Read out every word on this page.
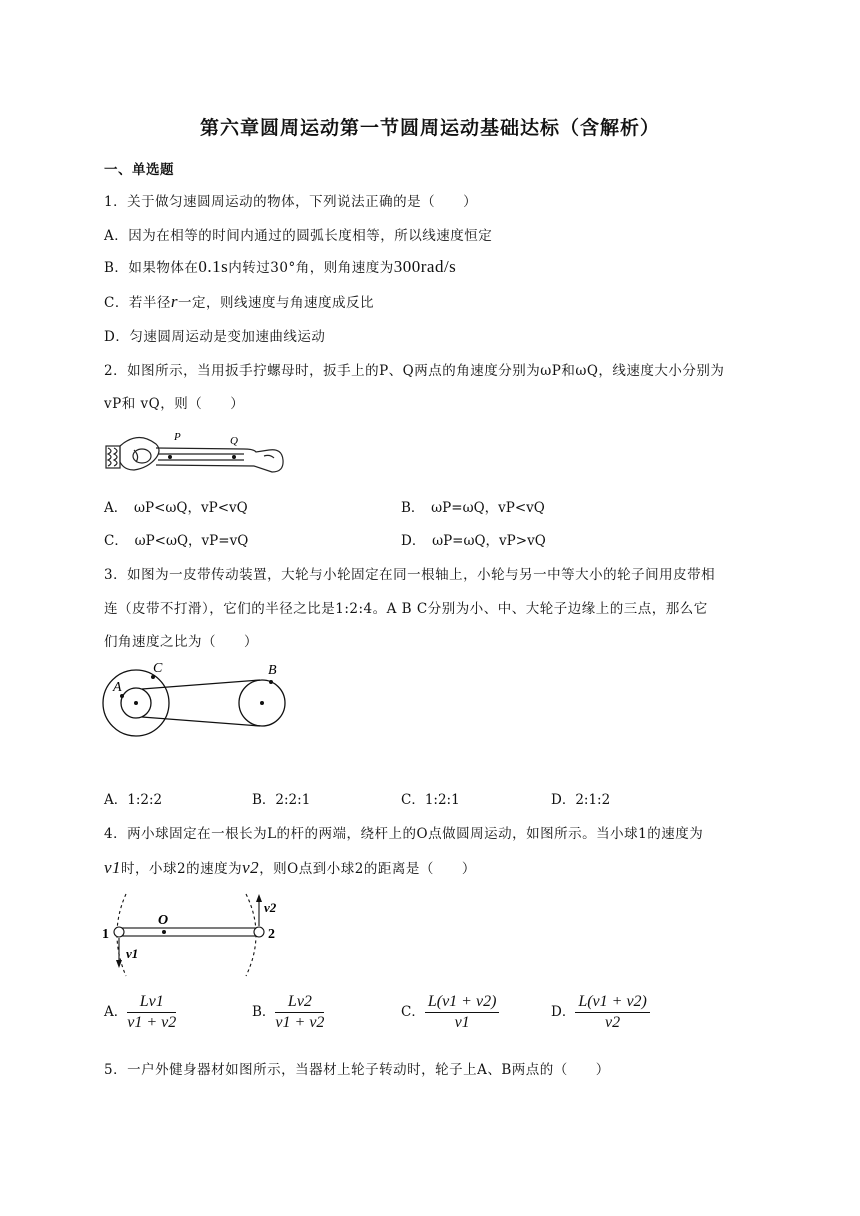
第六章圆周运动第一节圆周运动基础达标（含解析）
一、单选题
1．关于做匀速圆周运动的物体，下列说法正确的是（　　）
A．因为在相等的时间内通过的圆弧长度相等，所以线速度恒定
B．如果物体在0.1s内转过30°角，则角速度为300rad/s
C．若半径r一定，则线速度与角速度成反比
D．匀速圆周运动是变加速曲线运动
2．如图所示，当用扳手拧螺母时，扳手上的P、Q两点的角速度分别为ωP和ωQ，线速度大小分别为
vP和 vQ，则（　　）
P	Q
A．　ωP<ωQ，vP<vQ	B．　ωP=ωQ，vP<vQ
C．　ωP<ωQ，vP=vQ	D．　ωP=ωQ，vP>vQ
3．如图为一皮带传动装置，大轮与小轮固定在同一根轴上，小轮与另一中等大小的轮子间用皮带相
连（皮带不打滑），它们的半径之比是1:2:4。A B C分别为小、中、大轮子边缘上的三点，那么它
们角速度之比为（　　）
A
C	B
A．1:2:2	B．2:2:1	C．1:2:1	D．2:1:2
4．两小球固定在一根长为L的杆的两端，绕杆上的O点做圆周运动，如图所示。当小球1的速度为
v1时，小球2的速度为v2，则O点到小球2的距离是（　　）
1	2
O
v1
v2
A． $\frac{Lv1}{v1 + v2}$	B． $\frac{Lv2}{v1 + v2}$	C． $\frac{L(v1 + v2)}{v1}$	D． $\frac{L(v1 + v2)}{v2}$
5．一户外健身器材如图所示，当器材上轮子转动时，轮子上A、B两点的（　　）
